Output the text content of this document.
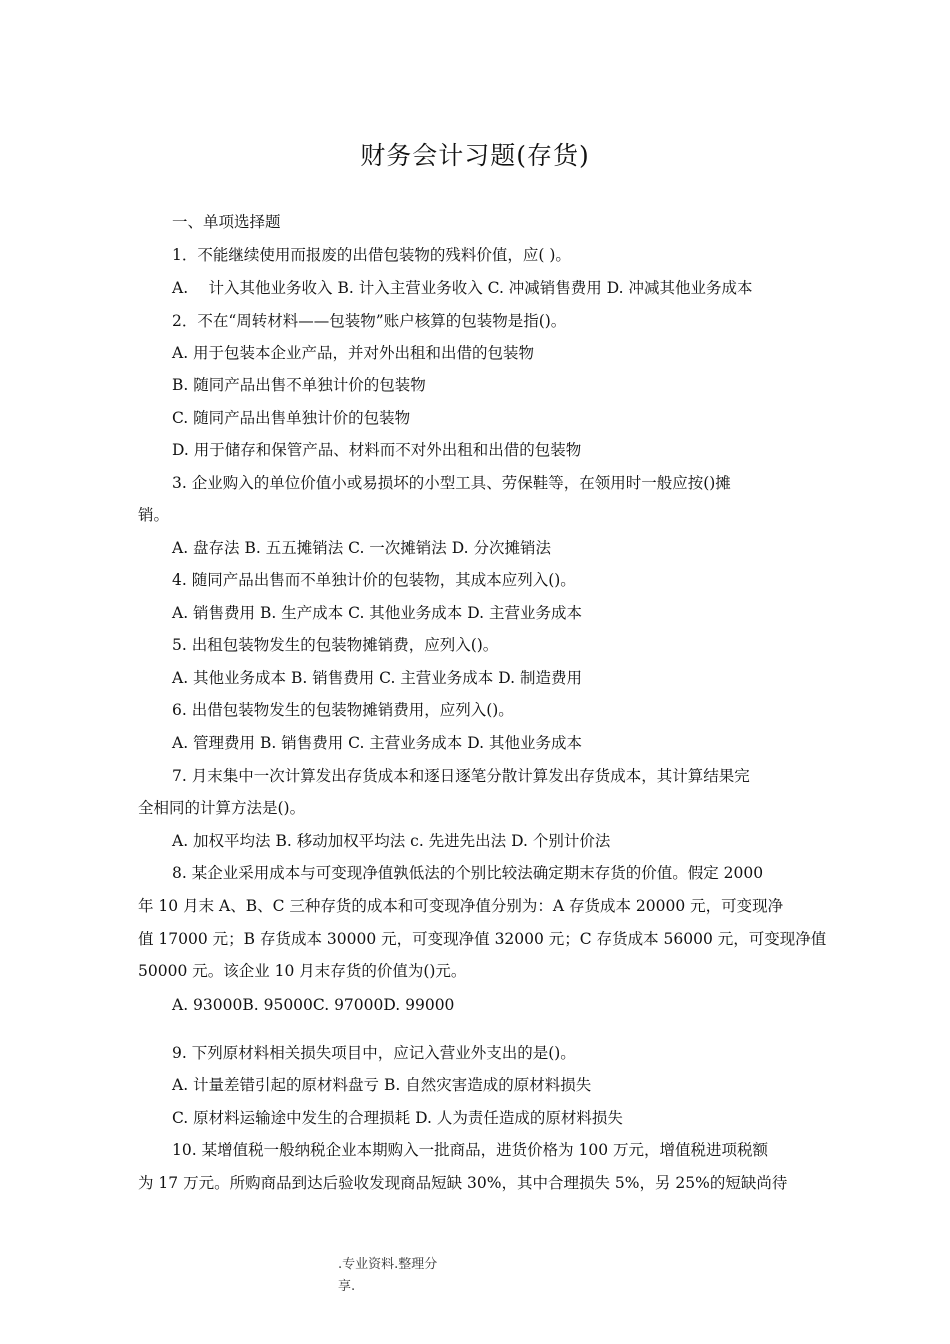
财务会计习题(存货)
一、单项选择题
1．不能继续使用而报废的出借包装物的残料价值，应( )。
A. 　计入其他业务收入 B. 计入主营业务收入 C. 冲减销售费用 D. 冲减其他业务成本
2．不在“周转材料——包装物”账户核算的包装物是指()。
A. 用于包装本企业产品，并对外出租和出借的包装物
B. 随同产品出售不单独计价的包装物
C. 随同产品出售单独计价的包装物
D. 用于储存和保管产品、材料而不对外出租和出借的包装物
3. 企业购入的单位价值小或易损坏的小型工具、劳保鞋等，在领用时一般应按()摊
销。
A. 盘存法 B. 五五摊销法 C. 一次摊销法 D. 分次摊销法
4. 随同产品出售而不单独计价的包装物，其成本应列入()。
A. 销售费用 B. 生产成本 C. 其他业务成本 D. 主营业务成本
5. 出租包装物发生的包装物摊销费，应列入()。
A. 其他业务成本 B. 销售费用 C. 主营业务成本 D. 制造费用
6. 出借包装物发生的包装物摊销费用，应列入()。
A. 管理费用 B. 销售费用 C. 主营业务成本 D. 其他业务成本
7. 月末集中一次计算发出存货成本和逐日逐笔分散计算发出存货成本，其计算结果完
全相同的计算方法是()。
A. 加权平均法 B. 移动加权平均法 c. 先进先出法 D. 个别计价法
8. 某企业采用成本与可变现净值孰低法的个别比较法确定期末存货的价值。假定 2000
年 10 月末 A、B、C 三种存货的成本和可变现净值分别为：A 存货成本 20000 元，可变现净
值 17000 元；B 存货成本 30000 元，可变现净值 32000 元；C 存货成本 56000 元，可变现净值
50000 元。该企业 10 月末存货的价值为()元。
A. 93000B. 95000C. 97000D. 99000
9. 下列原材料相关损失项目中，应记入营业外支出的是()。
A. 计量差错引起的原材料盘亏 B. 自然灾害造成的原材料损失
C. 原材料运输途中发生的合理损耗 D. 人为责任造成的原材料损失
10. 某增值税一般纳税企业本期购入一批商品，进货价格为 100 万元，增值税进项税额
为 17 万元。所购商品到达后验收发现商品短缺 30%，其中合理损失 5%，另 25%的短缺尚待
.专业资料.整理分
享.
